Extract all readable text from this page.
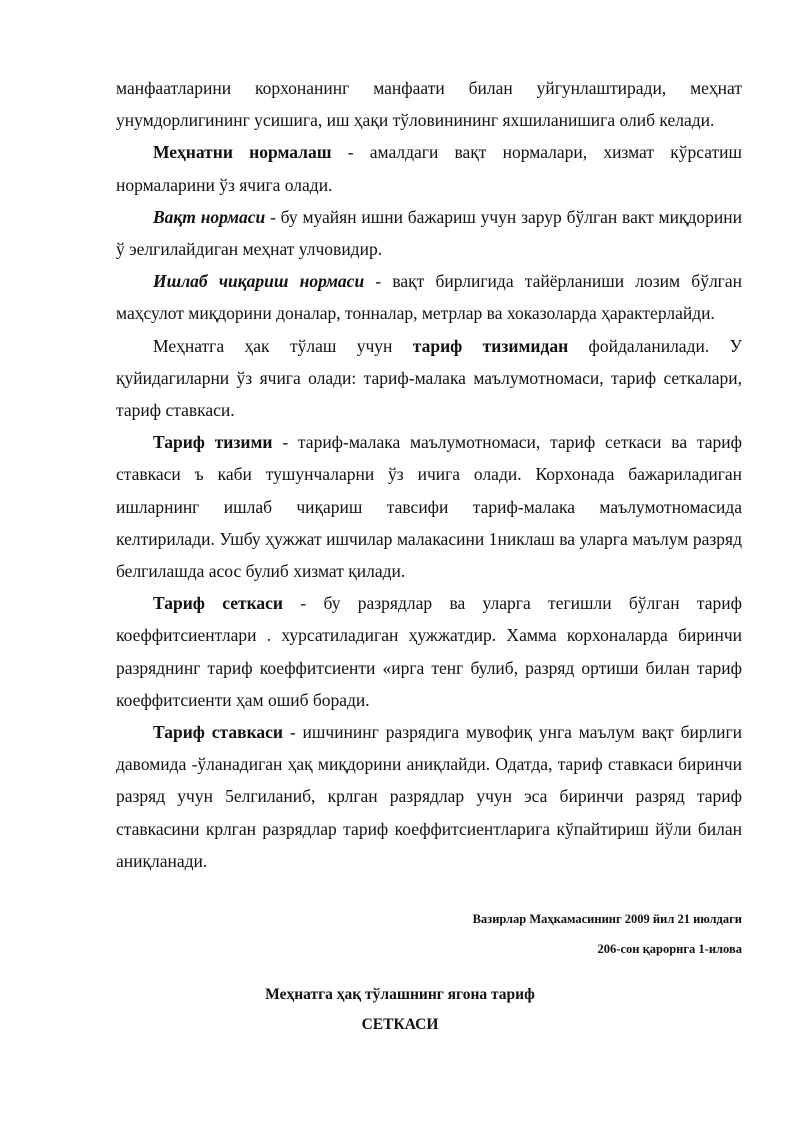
манфаатларини корхонанинг манфаати билан уйгунлаштиради, меҳнат унумдорлигининг усишига, иш ҳақи тўловинининг яхшиланишига олиб келади.

Меҳнатни нормалаш - амалдаги вақт нормалари, хизмат кўрсатиш нормаларини ўз ячига олади.

Вақт нормаси - бу муайян ишни бажариш учун зарур бўлган вакт миқдорини ў эелгилайдиган меҳнат улчовидир.

Ишлаб чиқариш нормаси - вақт бирлигида тайёрланиши лозим бўлган маҳсулот миқдорини доналар, тонналар, метрлар ва хоказоларда ҳарактерлайди.

Меҳнатга ҳак тўлаш учун тариф тизимидан фойдаланилади. У қуйидагиларни ўз ячига олади: тариф-малака маълумотномаси, тариф сеткалари, тариф ставкаси.

Тариф тизими - тариф-малака маълумотномаси, тариф сеткаси ва тариф ставкаси ъ каби тушунчаларни ўз ичига олади. Корхонада бажариладиган ишларнинг ишлаб чиқариш тавсифи тариф-малака маълумотномасида келтирилади. Ушбу ҳужжат ишчилар малакасини 1никлаш ва уларга маълум разряд белгилашда асос булиб хизмат қилади.

Тариф сеткаси - бу разрядлар ва уларга тегишли бўлган тариф коеффитсиентлари . хурсатиладиган ҳужжатдир. Хамма корхоналарда биринчи разряднинг тариф коеффитсиенти «ирга тенг булиб, разряд ортиши билан тариф коеффитсиенти ҳам ошиб боради.

Тариф ставкаси - ишчининг разрядига мувофиқ унга маълум вақт бирлиги давомида -ўланадиган ҳақ миқдорини аниқлайди. Одатда, тариф ставкаси биринчи разряд учун 5елгиланиб, крлган разрядлар учун эса биринчи разряд тариф ставкасини крлган разрядлар тариф коеффитсиентларига кўпайтириш йўли билан аниқланади.

Вазирлар Маҳкамасининг 2009 йил 21 июлдаги
206-сон қарорнга 1-илова
Меҳнатга ҳақ тўлашнинг ягона тариф
СЕТКАСИ
